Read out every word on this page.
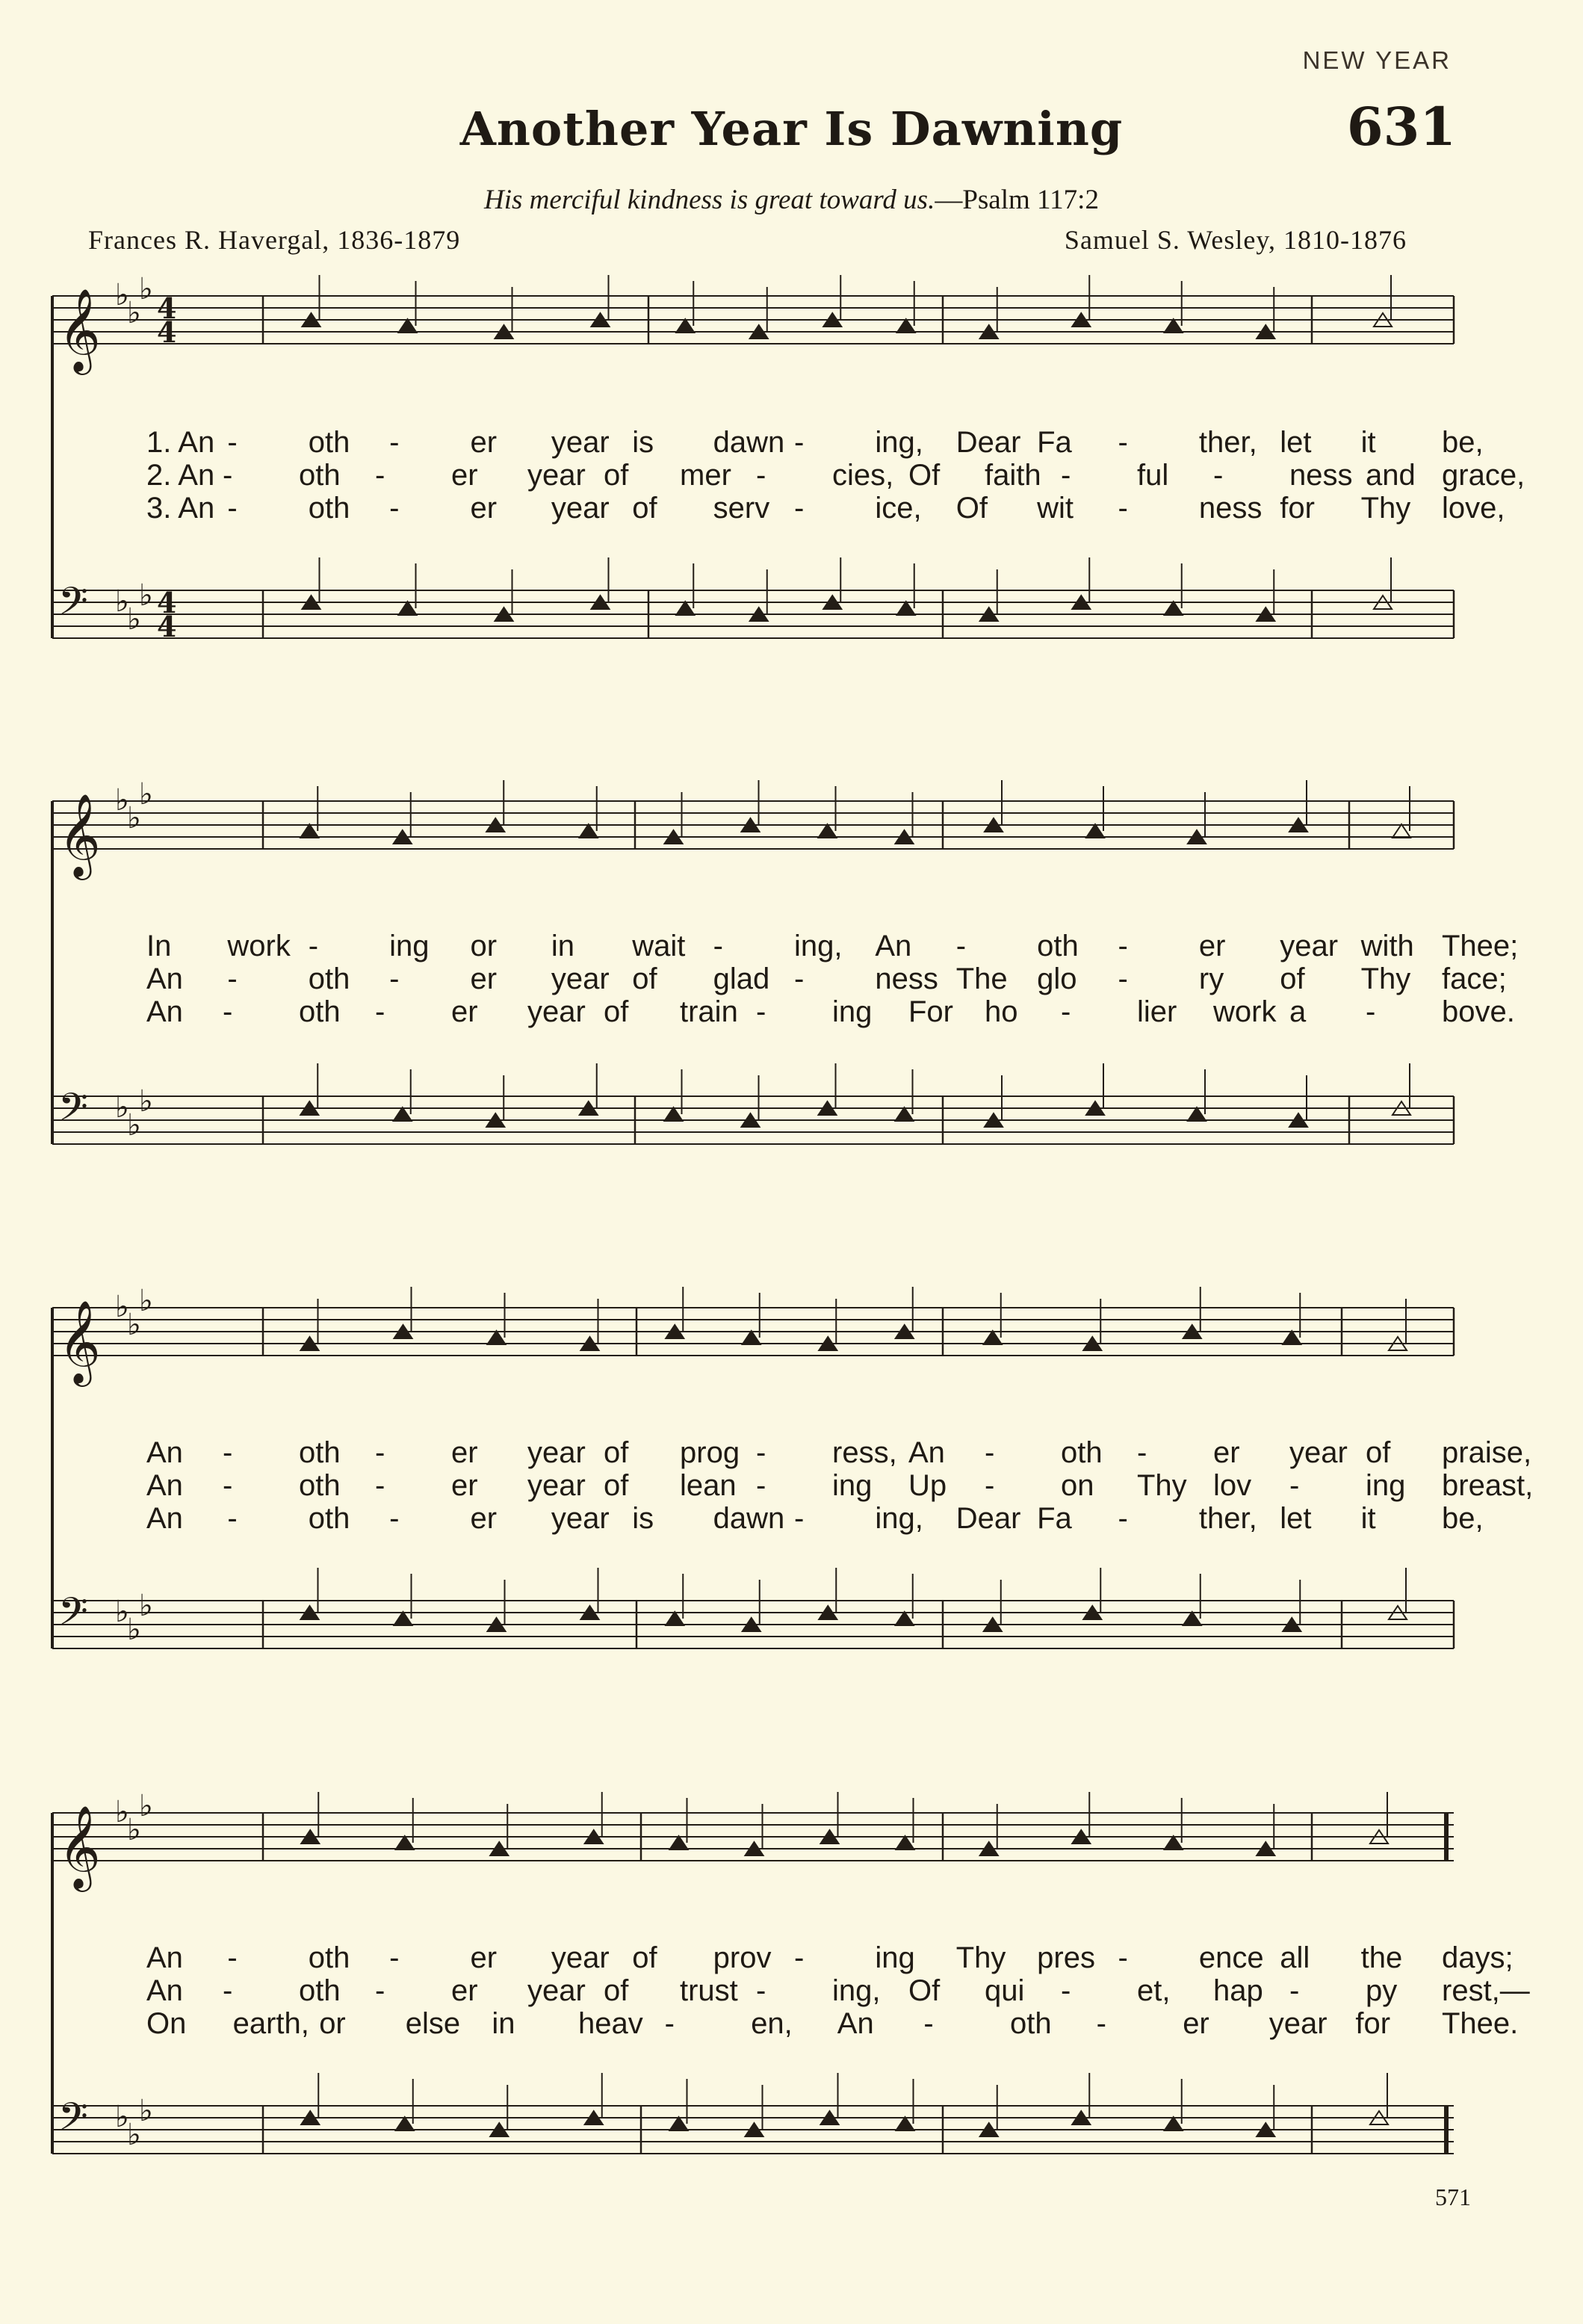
NEW YEAR
Another Year Is Dawning	631
His merciful kindness is great toward us.—Psalm 117:2
Frances R. Havergal, 1836-1879	Samuel S. Wesley, 1810-1876
𝄞 ♭
♭
♭
4
4
𝄢 ♭
♭
♭ 4
4
1. An - oth - er year is dawn - ing, Dear Fa - ther, let it be,
2. An - oth - er year of mer - cies, Of faith - ful - ness and grace,
3. An - oth - er year of serv - ice, Of wit - ness for Thy love,
𝄞 ♭
♭
♭
𝄢 ♭
♭
♭
In work - ing or in wait - ing, An - oth - er year with Thee;
An - oth - er year of glad - ness The glo - ry of Thy face;
An - oth - er year of train - ing For ho - lier work a - bove.
𝄞 ♭
♭
♭
𝄢 ♭
♭
♭
An - oth - er year of prog - ress, An - oth - er year of praise,
An - oth - er year of lean - ing Up - on Thy lov - ing breast,
An - oth - er year is dawn - ing, Dear Fa - ther, let it be,
𝄞 ♭
♭
♭
𝄢 ♭
♭
♭
An - oth - er year of prov - ing Thy pres - ence all the days;
An - oth - er year of trust - ing, Of qui - et, hap - py rest,—
On earth, or else in heav -	en, An -	oth -	er year for Thee.
571
